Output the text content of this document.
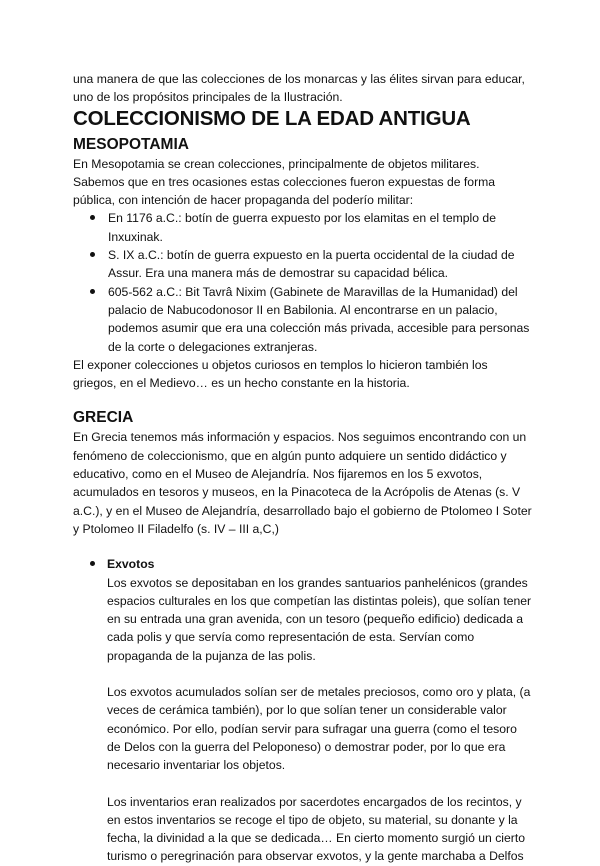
una manera de que las colecciones de los monarcas y las élites sirvan para educar, uno de los propósitos principales de la Ilustración.

COLECCIONISMO DE LA EDAD ANTIGUA
MESOPOTAMIA

En Mesopotamia se crean colecciones, principalmente de objetos militares. Sabemos que en tres ocasiones estas colecciones fueron expuestas de forma pública, con intención de hacer propaganda del poderío militar:

En 1176 a.C.: botín de guerra expuesto por los elamitas en el templo de Inxuxinak.
S. IX a.C.: botín de guerra expuesto en la puerta occidental de la ciudad de Assur. Era una manera más de demostrar su capacidad bélica.
605-562 a.C.: Bit Tavrâ Nixim (Gabinete de Maravillas de la Humanidad) del palacio de Nabucodonosor II en Babilonia. Al encontrarse en un palacio, podemos asumir que era una colección más privada, accesible para personas de la corte o delegaciones extranjeras.

El exponer colecciones u objetos curiosos en templos lo hicieron también los griegos, en el Medievo… es un hecho constante en la historia.

GRECIA

En Grecia tenemos más información y espacios. Nos seguimos encontrando con un fenómeno de coleccionismo, que en algún punto adquiere un sentido didáctico y educativo, como en el Museo de Alejandría. Nos fijaremos en los 5 exvotos, acumulados en tesoros y museos, en la Pinacoteca de la Acrópolis de Atenas (s. V a.C.), y en el Museo de Alejandría, desarrollado bajo el gobierno de Ptolomeo I Soter y Ptolomeo II Filadelfo (s. IV – III a,C,)

Exvotos

Los exvotos se depositaban en los grandes santuarios panhelénicos (grandes espacios culturales en los que competían las distintas poleis), que solían tener en su entrada una gran avenida, con un tesoro (pequeño edificio) dedicada a cada polis y que servía como representación de esta. Servían como propaganda de la pujanza de las polis.

Los exvotos acumulados solían ser de metales preciosos, como oro y plata, (a veces de cerámica también), por lo que solían tener un considerable valor económico. Por ello, podían servir para sufragar una guerra (como el tesoro de Delos con la guerra del Peloponeso) o demostrar poder, por lo que era necesario inventariar los objetos.

Los inventarios eran realizados por sacerdotes encargados de los recintos, y en estos inventarios se recoge el tipo de objeto, su material, su donante y la fecha, la divinidad a la que se dedicada… En cierto momento surgió un cierto turismo o peregrinación para observar exvotos, y la gente marchaba a Delfos
